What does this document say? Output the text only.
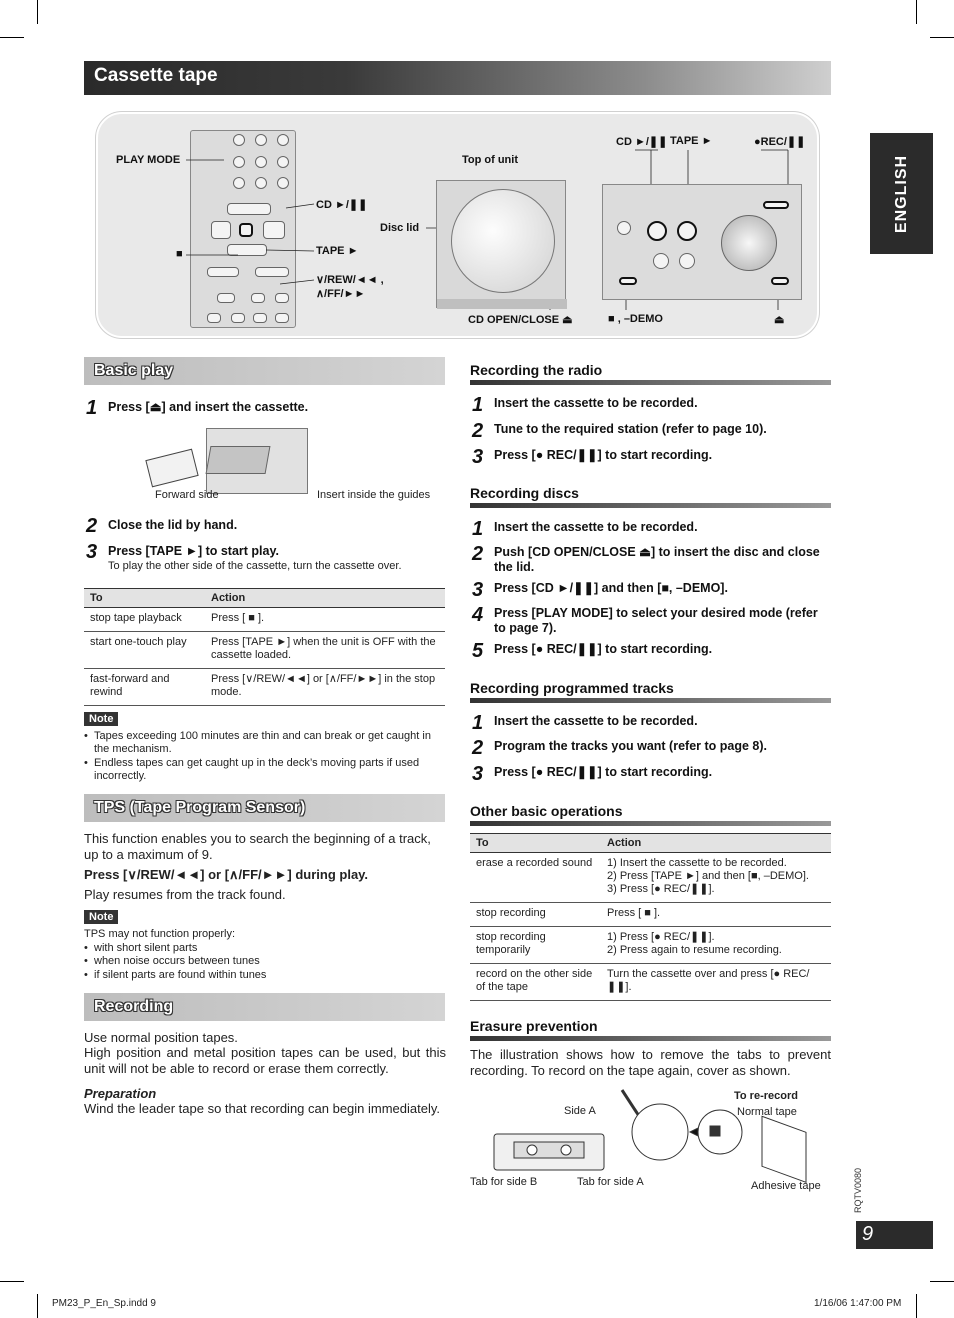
Cassette tape
ENGLISH
PLAY MODE
CD ►/❚❚
TAPE ►
∨/REW/◄◄ ,
∧/FF/►►
■
Top of unit
Disc lid
CD OPEN/CLOSE ⏏
CD ►/❚❚ TAPE ►	●REC/❚❚
■ , –DEMO	⏏
Basic play
1 Press [⏏] and insert the cassette.
Forward side	Insert inside the guides
2 Close the lid by hand.
3 Press [TAPE ►] to start play.
To play the other side of the cassette, turn the cassette over.
To	Action
stop tape playback	Press [ ■ ].
start one-touch play	Press [TAPE ►] when the unit is OFF with the cassette loaded.
fast-forward and rewind	Press [∨/REW/◄◄] or [∧/FF/►►] in the stop mode.
Note
• Tapes exceeding 100 minutes are thin and can break or get caught in the mechanism.
• Endless tapes can get caught up in the deck’s moving parts if used incorrectly.
TPS (Tape Program Sensor)
This function enables you to search the beginning of a track, up to a maximum of 9.
Press [∨/REW/◄◄] or [∧/FF/►►] during play.
Play resumes from the track found.
Note
TPS may not function properly:
• with short silent parts
• when noise occurs between tunes
• if silent parts are found within tunes
Recording
Use normal position tapes.
High position and metal position tapes can be used, but this unit will not be able to record or erase them correctly.
Preparation
Wind the leader tape so that recording can begin immediately.
Recording the radio
1 Insert the cassette to be recorded.
2 Tune to the required station (refer to page 10).
3 Press [● REC/❚❚] to start recording.
Recording discs
1 Insert the cassette to be recorded.
2 Push [CD OPEN/CLOSE ⏏] to insert the disc and close the lid.
3 Press [CD ►/❚❚] and then [■, –DEMO].
4 Press [PLAY MODE] to select your desired mode (refer to page 7).
5 Press [● REC/❚❚] to start recording.
Recording programmed tracks
1 Insert the cassette to be recorded.
2 Program the tracks you want (refer to page 8).
3 Press [● REC/❚❚] to start recording.
Other basic operations
To	Action
erase a recorded sound	1) Insert the cassette to be recorded.
2) Press [TAPE ►] and then [■, –DEMO].
3) Press [● REC/❚❚].
stop recording	Press [ ■ ].
stop recording temporarily	1) Press [● REC/❚❚].
2) Press again to resume recording.
record on the other side of the tape	Turn the cassette over and press [● REC/❚❚].
Erasure prevention
The illustration shows how to remove the tabs to prevent recording. To record on the tape again, cover as shown.
Side A
To re-record
Normal tape
Tab for side B	Tab for side A	Adhesive tape	RQTV0080
9
PM23_P_En_Sp.indd 9	1/16/06 1:47:00 PM
